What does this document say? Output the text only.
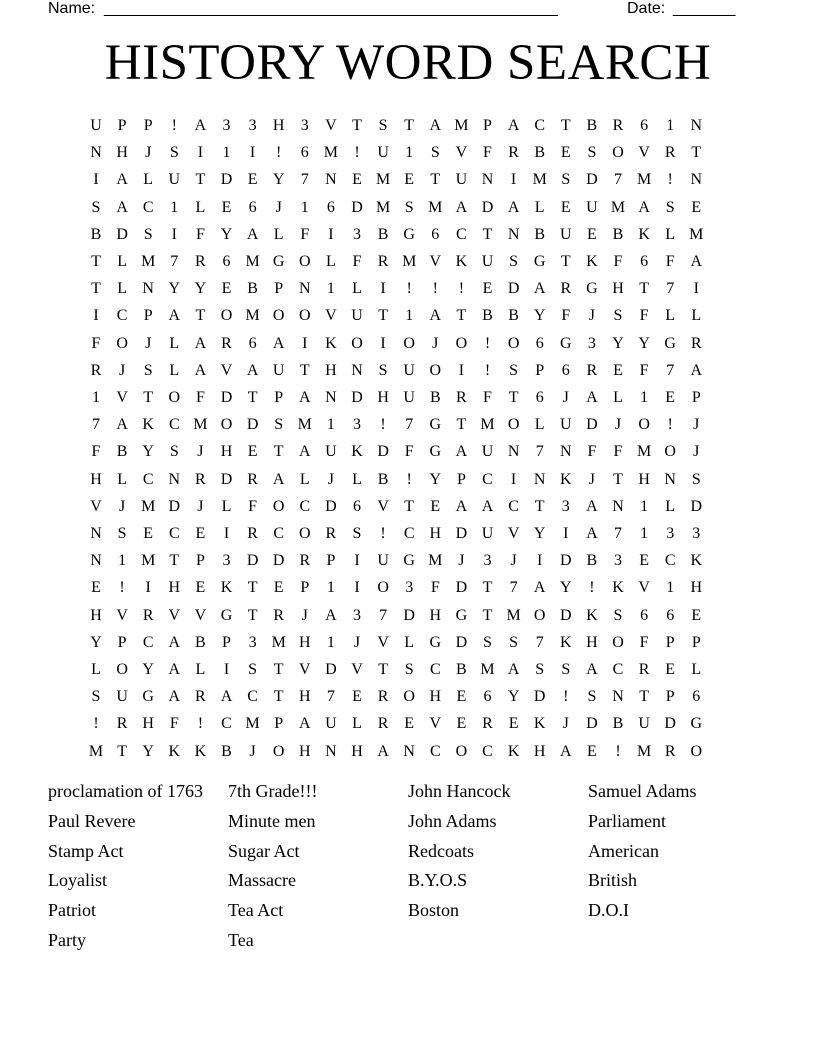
Name: ___________________________________________________	Date: _______
HISTORY WORD SEARCH
U P	P	!	A	3	3	H	3	V T	S	T A M P A C T B R	6	1	N
N H	J	S	I	1	I	!	6 M	!	U	1	S V F	R B E	S O V R T
I	A L U T D E Y	7	N E M E	T U N	I	M S D	7 M	!	N
S A C	1	L	E	6	J	1	6	D M S M A D A L	E U M A S	E
B D S	I	F Y A L	F	I	3	B G	6	C T N B U E B K L M
T	L M 7	R	6 M G O L	F	R M V K U S G T K F	6	F A
T	L N Y Y E B	P N	1	L	I	!	!	!	E D A R G H T	7	I
I	C	P A T O M O O V U T	1	A T B B Y F	J	S	F	L	L
F O	J	L A R	6	A	I	K O	I	O	J	O	!	O	6	G	3	Y Y G R
R	J	S	L A V A U T H N S U O	I	!	S	P	6	R E	F	7	A
1	V T O F D T	P A N D H U B R	F	T	6	J	A L	1	E	P
7	A K C M O D S M 1	3	!	7	G T M O L U D	J	O	!	J
F	B Y S	J	H E	T A U K D F G A U N	7	N F	F M O	J
H L C N R D R A L	J	L B	!	Y P	C	I	N K	J	T H N S
V	J M D	J	L	F O C D	6	V T	E A A C T	3	A N	1	L D
N S	E C E	I	R C O R	S	!	C H D U V Y	I	A	7	1	3	3
N	1 M T	P	3	D D R	P	I	U G M J	3	J	I	D B	3	E C K
E	!	I	H E K T	E	P	1	I	O	3	F D T	7	A Y	!	K V	1	H
H V R V V G T R	J	A	3	7	D H G T M O D K S	6	6	E
Y P	C A B	P	3 M H	1	J	V L G D S	S	7	K H O F	P	P
L O Y A L	I	S	T V D V T	S	C B M A S	S A C R E	L
S U G A R A C T H	7	E R O H E	6	Y D	!	S N T	P	6
!	R H F	!	C M P A U L R E V E R E K	J	D B U D G
M T Y K K B	J	O H N H A N C O C K H A E	!	M R O
proclamation of 1763
Paul Revere
Stamp Act
Loyalist
Patriot
Party
7th Grade!!!
Minute men
Sugar Act
Massacre
Tea Act
Tea
John Hancock
John Adams
Redcoats
B.Y.O.S
Boston
Samuel Adams
Parliament
American
British
D.O.I
